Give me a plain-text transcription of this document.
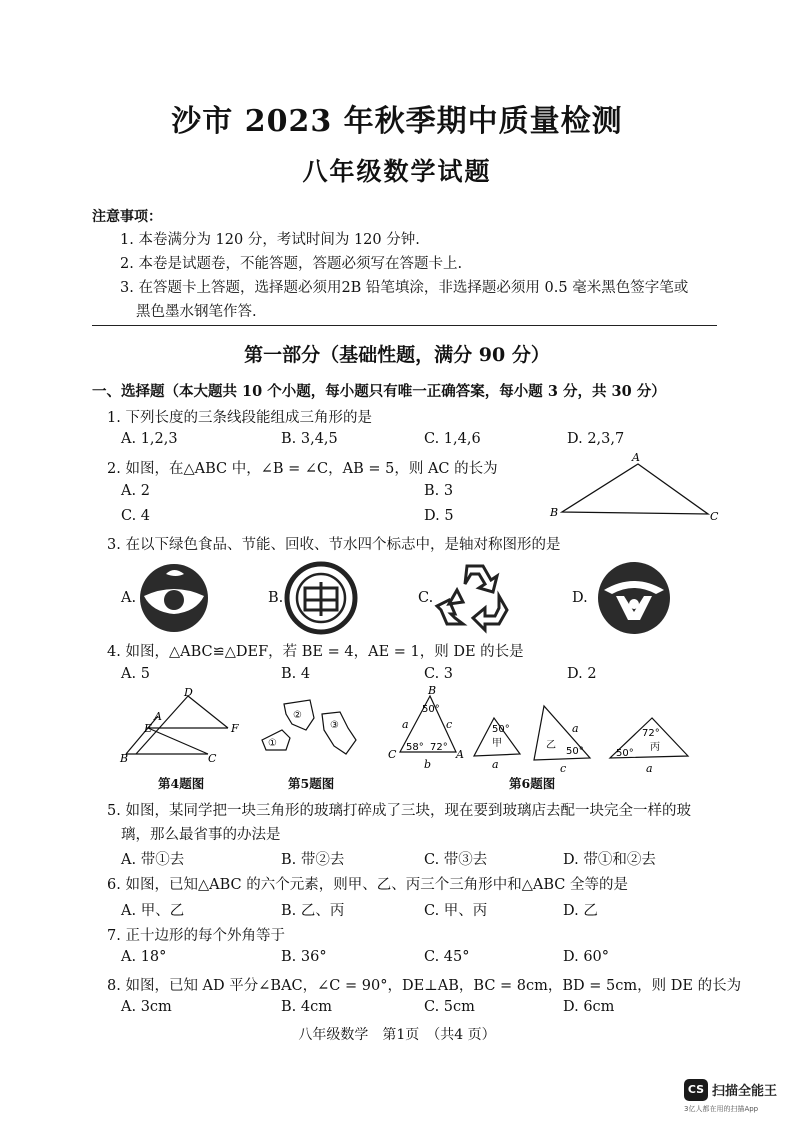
沙市 2023 年秋季期中质量检测
八年级数学试题
注意事项：
1. 本卷满分为 120 分，考试时间为 120 分钟.
2. 本卷是试题卷，不能答题，答题必须写在答题卡上.
3. 在答题卡上答题，选择题必须用2B 铅笔填涂，非选择题必须用 0.5 毫米黑色签字笔或
黑色墨水钢笔作答.
第一部分（基础性题，满分 90 分）
一、选择题（本大题共 10 个小题，每小题只有唯一正确答案，每小题 3 分，共 30 分）
1. 下列长度的三条线段能组成三角形的是
A. 1,2,3	B. 3,4,5	C. 1,4,6	D. 2,3,7
2. 如图，在△ABC 中，∠B = ∠C，AB = 5，则 AC 的长为
A. 2	B. 3
C. 4	D. 5
A
B	C
3. 在以下绿色食品、节能、回收、节水四个标志中，是轴对称图形的是
A.	B.	C.	D.
4. 如图，△ABC≌△DEF，若 BE = 4，AE = 1，则 DE 的长是
A. 5	B. 4	C. 3	D. 2
D
E
A
F
B	C
第4题图
①
②
③
第5题图
B
C	A
a	c
b
50°
58° 72°
50°
甲
a
a
乙
50°
c
72°
丙
50°
a
第6题图
5. 如图，某同学把一块三角形的玻璃打碎成了三块，现在要到玻璃店去配一块完全一样的玻
璃，那么最省事的办法是
A. 带①去	B. 带②去	C. 带③去	D. 带①和②去
6. 如图，已知△ABC 的六个元素，则甲、乙、丙三个三角形中和△ABC 全等的是
A. 甲、乙	B. 乙、丙	C. 甲、丙	D. 乙
7. 正十边形的每个外角等于
A. 18°	B. 36°	C. 45°	D. 60°
8. 如图，已知 AD 平分∠BAC，∠C = 90°，DE⊥AB，BC = 8cm，BD = 5cm，则 DE 的长为
A. 3cm	B. 4cm	C. 5cm	D. 6cm
八年级数学　第1页　（共4 页）
CS 扫描全能王
3亿人都在用的扫描App
